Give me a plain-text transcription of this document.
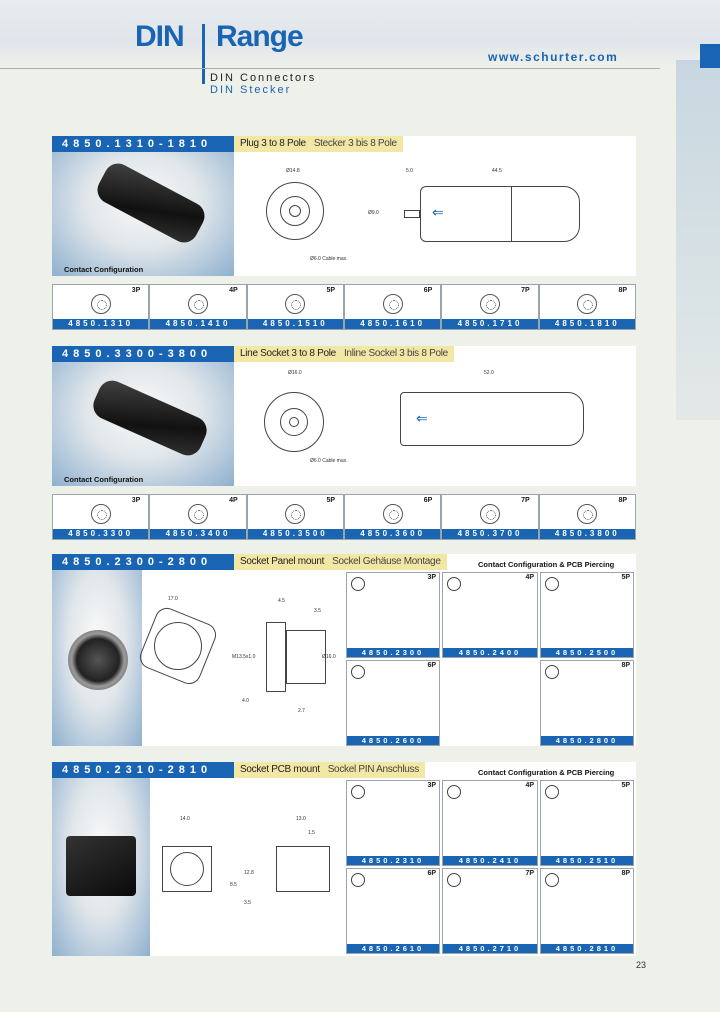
DIN Range
DIN Connectors
DIN Stecker
www.schurter.com
4850.1310-1810	Plug 3 to 8 Pole Stecker 3 bis 8 Pole
Contact Configuration
Ø14.8
Ø6.0 Cable max.
⇐
5.0	44.5
Ø9.0
3P
4850.1310
4P
4850.1410
5P
4850.1510
6P
4850.1610
7P
4850.1710
8P
4850.1810
4850.3300-3800	Line Socket 3 to 8 Pole Inline Sockel 3 bis 8 Pole
Contact Configuration
Ø16.0
Ø6.0 Cable max.
⇐
52.0
3P
4850.3300
4P
4850.3400
5P
4850.3500
6P
4850.3600
7P
4850.3700
8P
4850.3800
4850.2300-2800	Socket Panel mount Sockel Gehäuse Montage	Contact Configuration & PCB Piercing
17.0	4.5
3.5
M13.5x1.0	Ø16.0
4.0
2.7
3P
4850.2300
4P
4850.2400
5P
4850.2500
6P
4850.2600
8P
4850.2800
4850.2310-2810	Socket PCB mount Sockel PIN Anschluss	Contact Configuration & PCB Piercing
14.0
12.8
8.5
3.5
13.0
1.5
3P
4850.2310
4P
4850.2410
5P
4850.2510
6P
4850.2610
7P
4850.2710
8P
4850.2810
23
